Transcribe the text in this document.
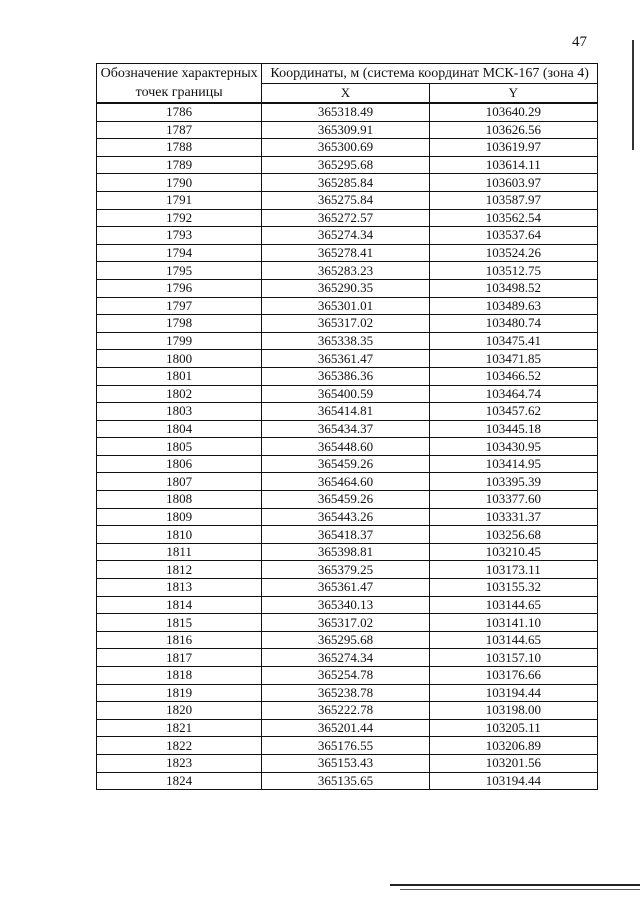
47
Обозначение характерных точек границы	Координаты, м (система координат МСК-167 (зона 4)	
	X	Y
1786	365318.49	103640.29
1787	365309.91	103626.56
1788	365300.69	103619.97
1789	365295.68	103614.11
1790	365285.84	103603.97
1791	365275.84	103587.97
1792	365272.57	103562.54
1793	365274.34	103537.64
1794	365278.41	103524.26
1795	365283.23	103512.75
1796	365290.35	103498.52
1797	365301.01	103489.63
1798	365317.02	103480.74
1799	365338.35	103475.41
1800	365361.47	103471.85
1801	365386.36	103466.52
1802	365400.59	103464.74
1803	365414.81	103457.62
1804	365434.37	103445.18
1805	365448.60	103430.95
1806	365459.26	103414.95
1807	365464.60	103395.39
1808	365459.26	103377.60
1809	365443.26	103331.37
1810	365418.37	103256.68
1811	365398.81	103210.45
1812	365379.25	103173.11
1813	365361.47	103155.32
1814	365340.13	103144.65
1815	365317.02	103141.10
1816	365295.68	103144.65
1817	365274.34	103157.10
1818	365254.78	103176.66
1819	365238.78	103194.44
1820	365222.78	103198.00
1821	365201.44	103205.11
1822	365176.55	103206.89
1823	365153.43	103201.56
1824	365135.65	103194.44
